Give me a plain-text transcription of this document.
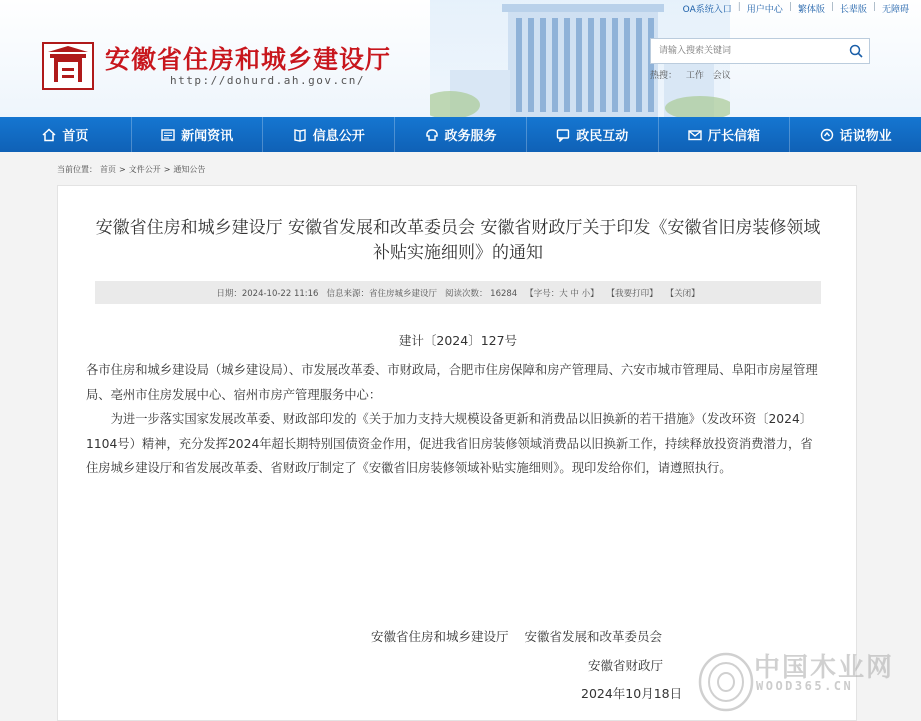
OA系统入口 | 用户中心 | 繁体版 | 长辈版 | 无障碍
安徽省住房和城乡建设厅
http://dohurd.ah.gov.cn/
请输入搜索关键词	热搜： 工作 会议
首页	新闻资讯	信息公开	政务服务	政民互动	厅长信箱	话说物业
当前位置： 首页 > 文件公开 > 通知公告
安徽省住房和城乡建设厅 安徽省发展和改革委员会 安徽省财政厅关于印发《安徽省旧房装修领域补贴实施细则》的通知
日期：2024-10-22 11:16 信息来源：省住房城乡建设厅 阅读次数： 16284 【字号：大 中 小】 【我要打印】 【关闭】
建计〔2024〕127号

各市住房和城乡建设局（城乡建设局）、市发展改革委、市财政局，合肥市住房保障和房产管理局、六安市城市管理局、阜阳市房屋管理局、亳州市住房发展中心、宿州市房产管理服务中心：

为进一步落实国家发展改革委、财政部印发的《关于加力支持大规模设备更新和消费品以旧换新的若干措施》（发改环资〔2024〕1104号）精神，充分发挥2024年超长期特别国债资金作用，促进我省旧房装修领域消费品以旧换新工作，持续释放投资消费潜力，省住房城乡建设厅和省发展改革委、省财政厅制定了《安徽省旧房装修领域补贴实施细则》。现印发给你们，请遵照执行。

安徽省住房和城乡建设厅 安徽省发展和改革委员会
安徽省财政厅
2024年10月18日
中国木业网
WOOD365.CN
